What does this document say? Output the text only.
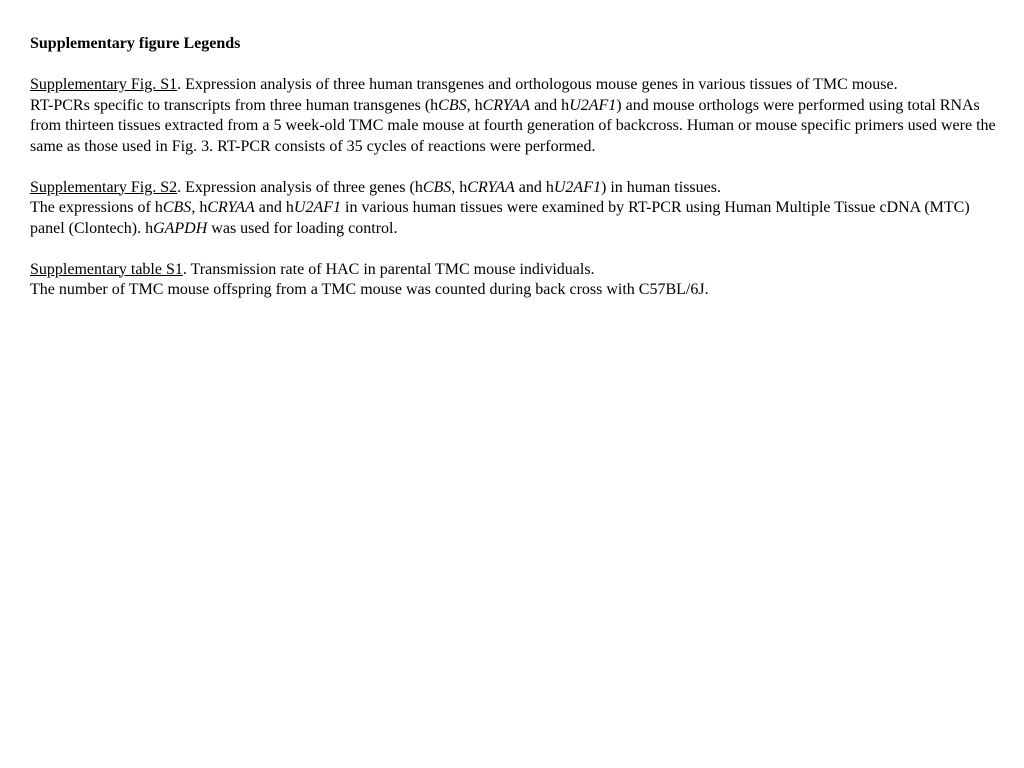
Supplementary figure Legends

Supplementary Fig. S1. Expression analysis of three human transgenes and orthologous mouse genes in various tissues of TMC mouse.

RT-PCRs specific to transcripts from three human transgenes (hCBS, hCRYAA and hU2AF1) and mouse orthologs were performed using total RNAs from thirteen tissues extracted from a 5 week-old TMC male mouse at fourth generation of backcross. Human or mouse specific primers used were the same as those used in Fig. 3. RT-PCR consists of 35 cycles of reactions were performed.

Supplementary Fig. S2. Expression analysis of three genes (hCBS, hCRYAA and hU2AF1) in human tissues.

The expressions of hCBS, hCRYAA and hU2AF1 in various human tissues were examined by RT-PCR using Human Multiple Tissue cDNA (MTC) panel (Clontech). hGAPDH was used for loading control.

Supplementary table S1. Transmission rate of HAC in parental TMC mouse individuals.

The number of TMC mouse offspring from a TMC mouse was counted during back cross with C57BL/6J.
